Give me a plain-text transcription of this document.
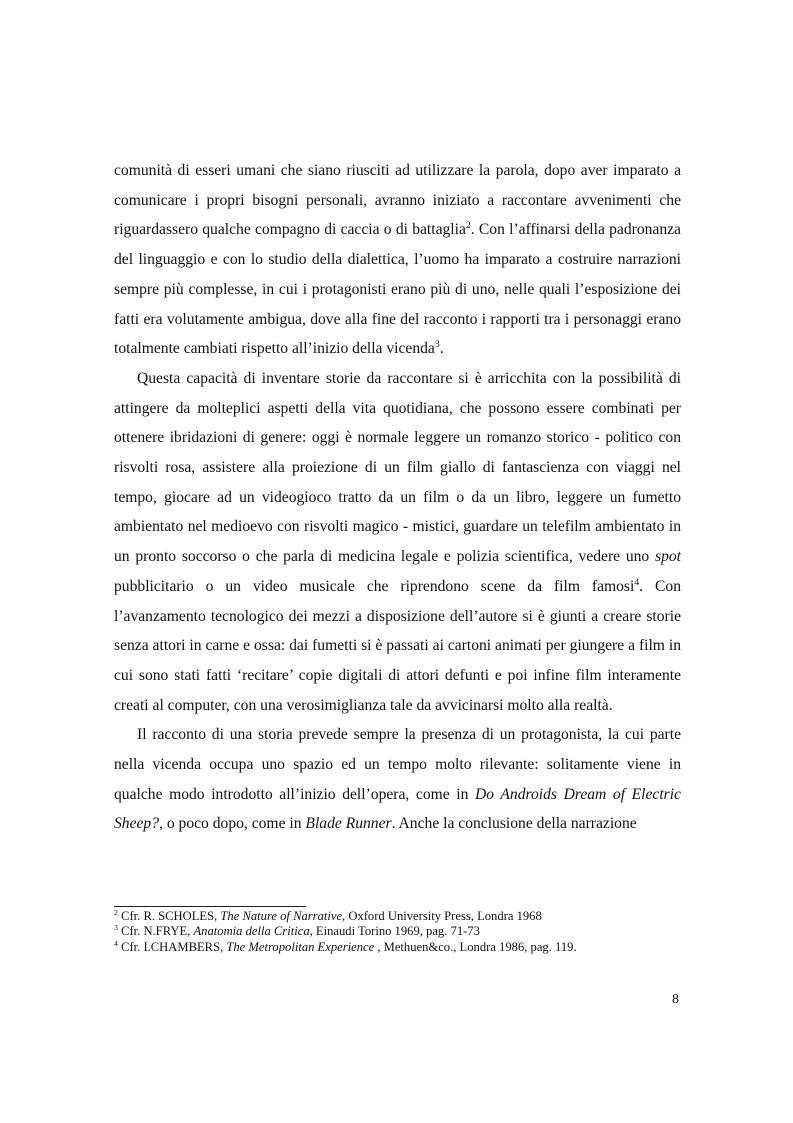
comunità di esseri umani che siano riusciti ad utilizzare la parola, dopo aver imparato a comunicare i propri bisogni personali, avranno iniziato a raccontare avvenimenti che riguardassero qualche compagno di caccia o di battaglia$^2$. Con l’affinarsi della padronanza del linguaggio e con lo studio della dialettica, l’uomo ha imparato a costruire narrazioni sempre più complesse, in cui i protagonisti erano più di uno, nelle quali l’esposizione dei fatti era volutamente ambigua, dove alla fine del racconto i rapporti tra i personaggi erano totalmente cambiati rispetto all’inizio della vicenda$^3$.

Questa capacità di inventare storie da raccontare si è arricchita con la possibilità di attingere da molteplici aspetti della vita quotidiana, che possono essere combinati per ottenere ibridazioni di genere: oggi è normale leggere un romanzo storico - politico con risvolti rosa, assistere alla proiezione di un film giallo di fantascienza con viaggi nel tempo, giocare ad un videogioco tratto da un film o da un libro, leggere un fumetto ambientato nel medioevo con risvolti magico - mistici, guardare un telefilm ambientato in un pronto soccorso o che parla di medicina legale e polizia scientifica, vedere uno spot pubblicitario o un video musicale che riprendono scene da film famosi$^4$. Con l’avanzamento tecnologico dei mezzi a disposizione dell’autore si è giunti a creare storie senza attori in carne e ossa: dai fumetti si è passati ai cartoni animati per giungere a film in cui sono stati fatti ‘recitare’ copie digitali di attori defunti e poi infine film interamente creati al computer, con una verosimiglianza tale da avvicinarsi molto alla realtà.

Il racconto di una storia prevede sempre la presenza di un protagonista, la cui parte nella vicenda occupa uno spazio ed un tempo molto rilevante: solitamente viene in qualche modo introdotto all’inizio dell’opera, come in Do Androids Dream of Electric Sheep?, o poco dopo, come in Blade Runner. Anche la conclusione della narrazione

$^2$ Cfr. R. SCHOLES, The Nature of Narrative, Oxford University Press, Londra 1968
$^3$ Cfr. N.FRYE, Anatomia della Critica, Einaudi Torino 1969, pag. 71-73
$^4$ Cfr. I.CHAMBERS, The Metropolitan Experience , Methuen&co., Londra 1986, pag. 119.
8
